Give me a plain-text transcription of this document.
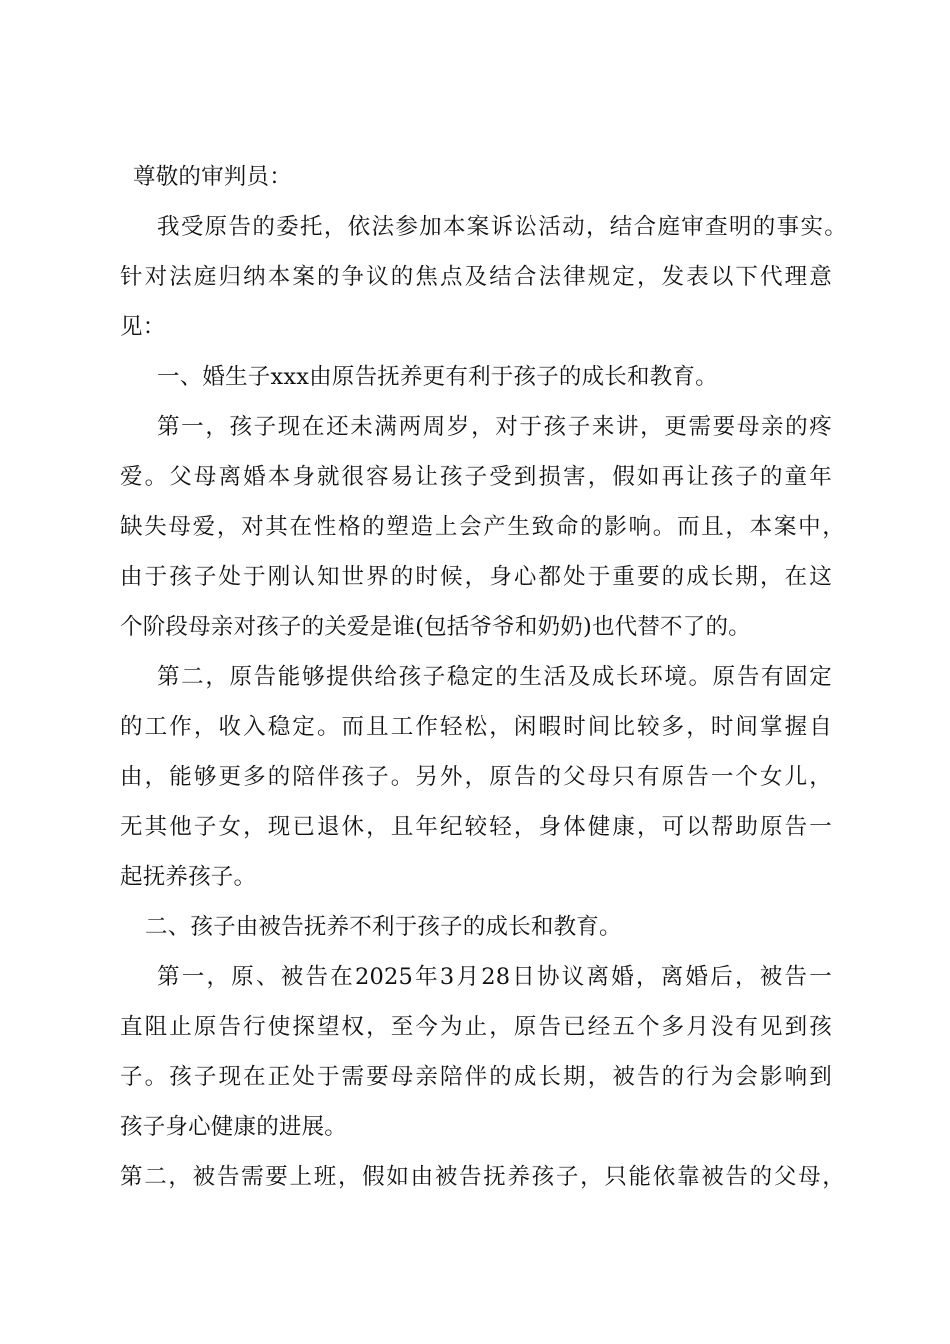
尊敬的审判员：
我受原告的委托，依法参加本案诉讼活动，结合庭审查明的事实。
针对法庭归纳本案的争议的焦点及结合法律规定，发表以下代理意
见：
一、婚生子xxx由原告抚养更有利于孩子的成长和教育。
第一，孩子现在还未满两周岁，对于孩子来讲，更需要母亲的疼
爱。父母离婚本身就很容易让孩子受到损害，假如再让孩子的童年
缺失母爱，对其在性格的塑造上会产生致命的影响。而且，本案中，
由于孩子处于刚认知世界的时候，身心都处于重要的成长期，在这
个阶段母亲对孩子的关爱是谁(包括爷爷和奶奶)也代替不了的。
第二，原告能够提供给孩子稳定的生活及成长环境。原告有固定
的工作，收入稳定。而且工作轻松，闲暇时间比较多，时间掌握自
由，能够更多的陪伴孩子。另外，原告的父母只有原告一个女儿，
无其他子女，现已退休，且年纪较轻，身体健康，可以帮助原告一
起抚养孩子。
二、孩子由被告抚养不利于孩子的成长和教育。
第一，原、被告在2025年3月28日协议离婚，离婚后，被告一
直阻止原告行使探望权，至今为止，原告已经五个多月没有见到孩
子。孩子现在正处于需要母亲陪伴的成长期，被告的行为会影响到
孩子身心健康的进展。
第二，被告需要上班，假如由被告抚养孩子，只能依靠被告的父母，
